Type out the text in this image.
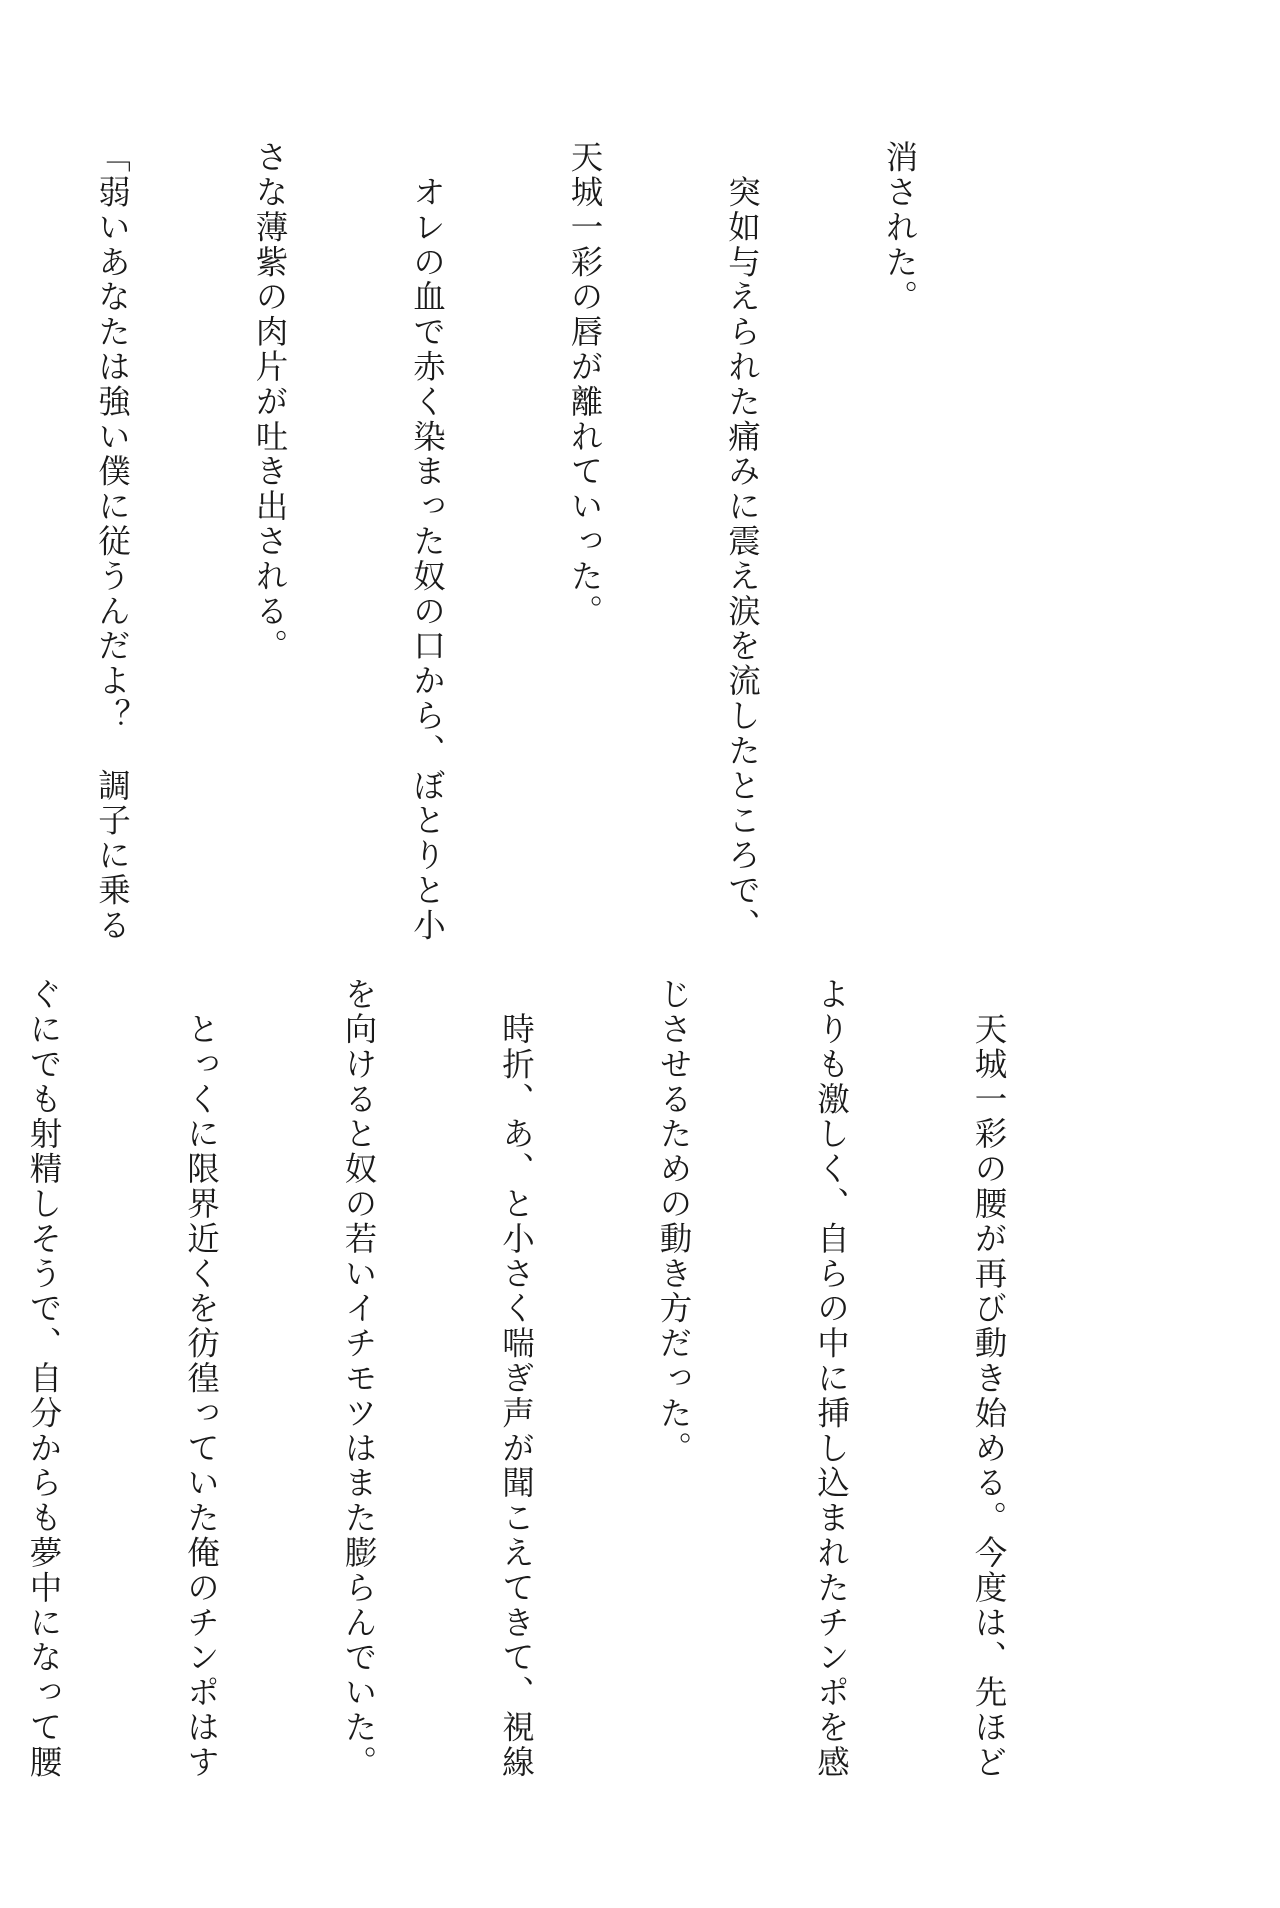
消された。

　突如与えられた痛みに震え涙を流したところで、

天城一彩の唇が離れていった。

　オレの血で赤く染まった奴の口から、ぼとりと小

さな薄紫の肉片が吐き出される。

「弱いあなたは強い僕に従うんだよ？　調子に乗る

　天城一彩の腰が再び動き始める。今度は、先ほど

よりも激しく、自らの中に挿し込まれたチンポを感

じさせるための動き方だった。

　時折、あ、と小さく喘ぎ声が聞こえてきて、視線

を向けると奴の若いイチモツはまた膨らんでいた。

　とっくに限界近くを彷徨っていた俺のチンポはす

ぐにでも射精しそうで、自分からも夢中になって腰
